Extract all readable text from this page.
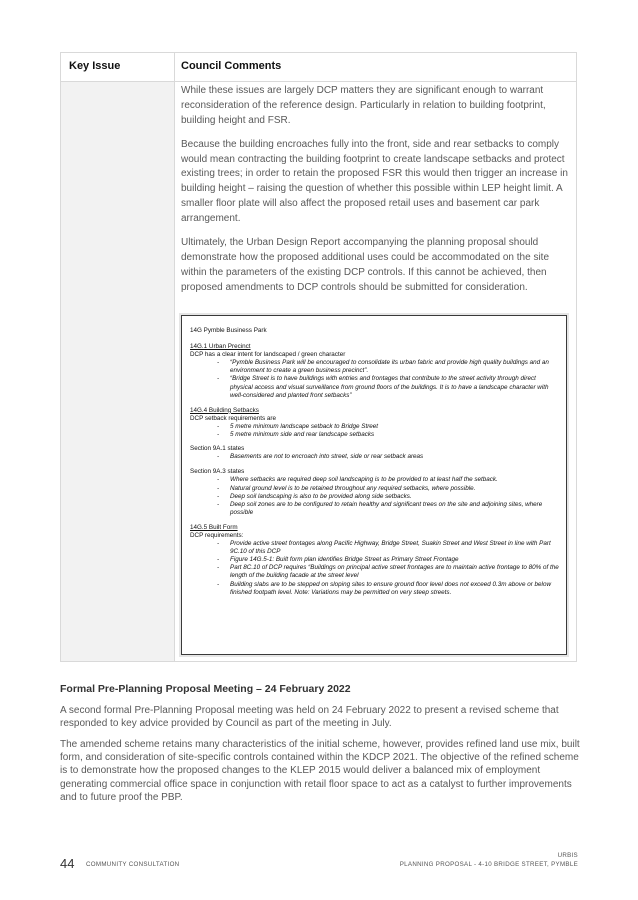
Key Issue	Council Comments

While these issues are largely DCP matters they are significant enough to warrant reconsideration of the reference design. Particularly in relation to building footprint, building height and FSR.

Because the building encroaches fully into the front, side and rear setbacks to comply would mean contracting the building footprint to create landscape setbacks and protect existing trees; in order to retain the proposed FSR this would then trigger an increase in building height – raising the question of whether this possible within LEP height limit. A smaller floor plate will also affect the proposed retail uses and basement car park arrangement.

Ultimately, the Urban Design Report accompanying the planning proposal should demonstrate how the proposed additional uses could be accommodated on the site within the parameters of the existing DCP controls. If this cannot be achieved, then proposed amendments to DCP controls should be submitted for consideration.

14G Pymble Business Park
14G.1 Urban Precinct
DCP has a clear intent for landscaped / green character
- “Pymble Business Park will be encouraged to consolidate its urban fabric and provide high quality buildings and an environment to create a green business precinct”.
- “Bridge Street is to have buildings with entries and frontages that contribute to the street activity through direct physical access and visual surveillance from ground floors of the buildings. It is to have a landscape character with well-considered and planted front setbacks”
14G.4 Building Setbacks
DCP setback requirements are
- 5 metre minimum landscape setback to Bridge Street
- 5 metre minimum side and rear landscape setbacks
Section 9A.1 states
- Basements are not to encroach into street, side or rear setback areas
Section 9A.3 states
- Where setbacks are required deep soil landscaping is to be provided to at least half the setback.
- Natural ground level is to be retained throughout any required setbacks, where possible.
- Deep soil landscaping is also to be provided along side setbacks.
- Deep soil zones are to be configured to retain healthy and significant trees on the site and adjoining sites, where possible
14G.5 Built Form
DCP requirements:
- Provide active street frontages along Pacific Highway, Bridge Street, Suakin Street and West Street in line with Part 9C.10 of this DCP
- Figure 14G.5-1: Built form plan identifies Bridge Street as Primary Street Frontage
- Part 8C.10 of DCP requires “Buildings on principal active street frontages are to maintain active frontage to 80% of the length of the building facade at the street level
- Building slabs are to be stepped on sloping sites to ensure ground floor level does not exceed 0.3m above or below finished footpath level. Note: Variations may be permitted on very steep streets.
Formal Pre-Planning Proposal Meeting – 24 February 2022
A second formal Pre-Planning Proposal meeting was held on 24 February 2022 to present a revised scheme that responded to key advice provided by Council as part of the meeting in July.
The amended scheme retains many characteristics of the initial scheme, however, provides refined land use mix, built form, and consideration of site-specific controls contained within the KDCP 2021. The objective of the refined scheme is to demonstrate how the proposed changes to the KLEP 2015 would deliver a balanced mix of employment generating commercial office space in conjunction with retail floor space to act as a catalyst to further improvements and to future proof the PBP.
44 COMMUNITY CONSULTATION
URBIS
PLANNING PROPOSAL - 4-10 BRIDGE STREET, PYMBLE
